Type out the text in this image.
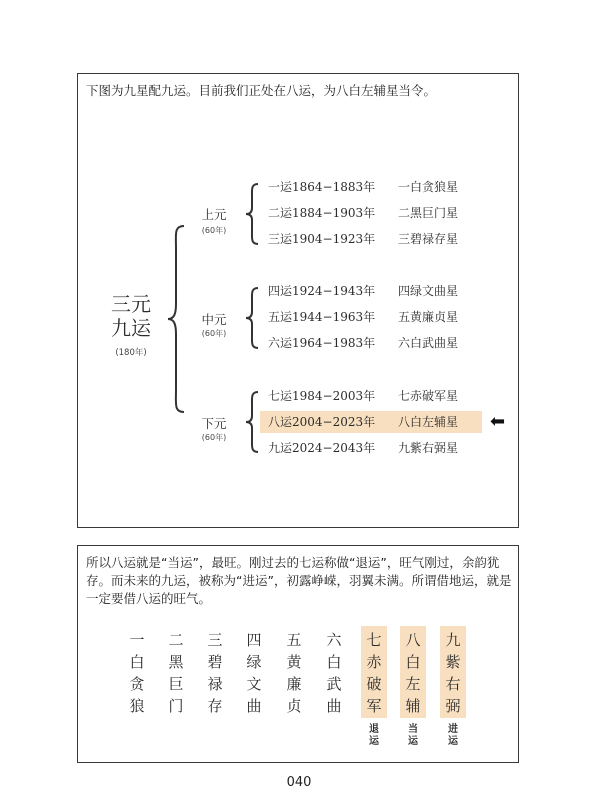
下图为九星配九运。目前我们正处在八运，为八白左辅星当令。
三元
九运
(180年)
上元
(60年)
中元
(60年)
下元
(60年)
一运1864−1883年 一白贪狼星
二运1884−1903年 二黑巨门星
三运1904−1923年 三碧禄存星
四运1924−1943年 四绿文曲星
五运1944−1963年 五黄廉贞星
六运1964−1983年 六白武曲星
七运1984−2003年 七赤破军星
八运2004−2023年 八白左辅星
九运2024−2043年 九紫右弼星
⬅
所以八运就是“当运”，最旺。刚过去的七运称做“退运”，旺气刚过，余韵犹存。而未来的九运，被称为“进运”，初露峥嵘，羽翼未满。所谓借地运，就是一定要借八运的旺气。
一
白
贪
狼
二
黑
巨
门
三
碧
禄
存
四
绿
文
曲
五
黄
廉
贞
六
白
武
曲
七
赤
破
军
退
运
八
白
左
辅
当
运
九
紫
右
弼
进
运
040
